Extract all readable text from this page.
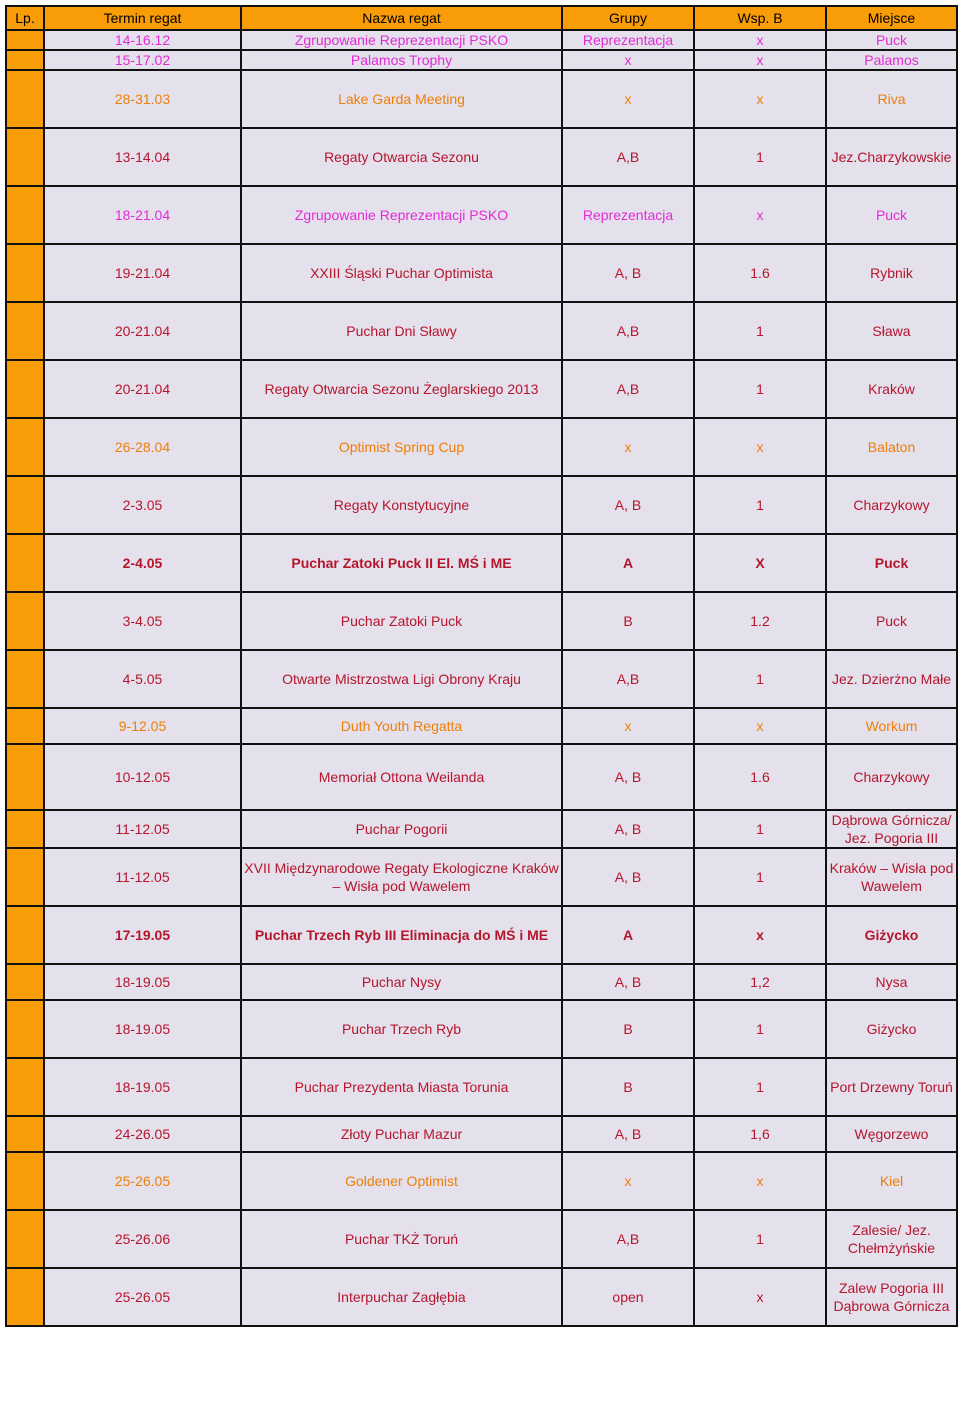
Lp.	Termin regat	Nazwa regat	Grupy	Wsp. B	Miejsce
	14-16.12	Zgrupowanie Reprezentacji PSKO	Reprezentacja	x	Puck
	15-17.02	Palamos Trophy	x	x	Palamos
	28-31.03	Lake Garda Meeting	x	x	Riva
	13-14.04	Regaty Otwarcia Sezonu	A,B	1	Jez.Charzykowskie
	18-21.04	Zgrupowanie Reprezentacji PSKO	Reprezentacja	x	Puck
	19-21.04	XXIII Śląski Puchar Optimista	A, B	1.6	Rybnik
	20-21.04	Puchar Dni Sławy	A,B	1	Sława
	20-21.04	Regaty Otwarcia Sezonu Żeglarskiego 2013	A,B	1	Kraków
	26-28.04	Optimist Spring Cup	x	x	Balaton
	2-3.05	Regaty Konstytucyjne	A, B	1	Charzykowy
	2-4.05	Puchar Zatoki Puck II El. MŚ i ME	A	X	Puck
	3-4.05	Puchar Zatoki Puck	B	1.2	Puck
	4-5.05	Otwarte Mistrzostwa Ligi Obrony Kraju	A,B	1	Jez. Dzierżno Małe
	9-12.05	Duth Youth Regatta	x	x	Workum
	10-12.05	Memoriał Ottona Weilanda	A, B	1.6	Charzykowy
	11-12.05	Puchar Pogorii	A, B	1	Dąbrowa Górnicza/ Jez. Pogoria III
	11-12.05	XVII Międzynarodowe Regaty Ekologiczne Kraków – Wisła pod Wawelem	A, B	1	Kraków – Wisła pod Wawelem
	17-19.05	Puchar Trzech Ryb III Eliminacja do MŚ i ME	A	x	Giżycko
	18-19.05	Puchar Nysy	A, B	1,2	Nysa
	18-19.05	Puchar Trzech Ryb	B	1	Giżycko
	18-19.05	Puchar Prezydenta Miasta Torunia	B	1	Port Drzewny Toruń
	24-26.05	Złoty Puchar Mazur	A, B	1,6	Węgorzewo
	25-26.05	Goldener Optimist	x	x	Kiel
	25-26.06	Puchar TKŻ Toruń	A,B	1	Zalesie/ Jez. Chełmżyńskie
	25-26.05	Interpuchar Zagłębia	open	x	Zalew Pogoria III Dąbrowa Górnicza
